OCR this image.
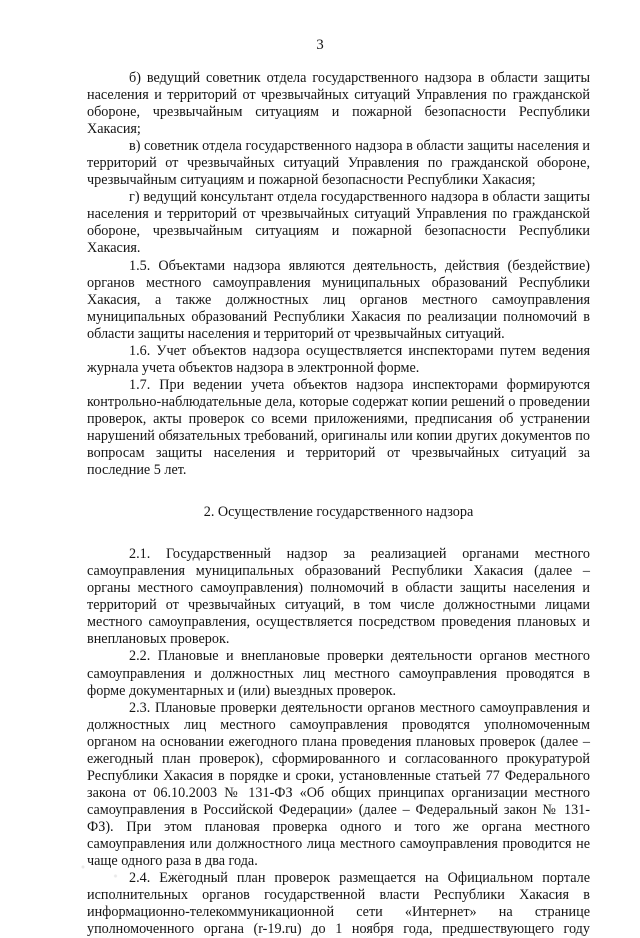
3

б) ведущий советник отдела государственного надзора в области защиты населения и территорий от чрезвычайных ситуаций Управления по гражданской обороне, чрезвычайным ситуациям и пожарной безопасности Республики Хакасия;

в) советник отдела государственного надзора в области защиты населения и территорий от чрезвычайных ситуаций Управления по гражданской обороне, чрезвычайным ситуациям и пожарной безопасности Республики Хакасия;

г) ведущий консультант отдела государственного надзора в области защиты населения и территорий от чрезвычайных ситуаций Управления по гражданской обороне, чрезвычайным ситуациям и пожарной безопасности Республики Хакасия.

1.5. Объектами надзора являются деятельность, действия (бездействие) органов местного самоуправления муниципальных образований Республики Хакасия, а также должностных лиц органов местного самоуправления муниципальных образований Республики Хакасия по реализации полномочий в области защиты населения и территорий от чрезвычайных ситуаций.

1.6. Учет объектов надзора осуществляется инспекторами путем ведения журнала учета объектов надзора в электронной форме.

1.7. При ведении учета объектов надзора инспекторами формируются контрольно-наблюдательные дела, которые содержат копии решений о проведении проверок, акты проверок со всеми приложениями, предписания об устранении нарушений обязательных требований, оригиналы или копии других документов по вопросам защиты населения и территорий от чрезвычайных ситуаций за последние 5 лет.

2. Осуществление государственного надзора

2.1. Государственный надзор за реализацией органами местного самоуправления муниципальных образований Республики Хакасия (далее – органы местного самоуправления) полномочий в области защиты населения и территорий от чрезвычайных ситуаций, в том числе должностными лицами местного самоуправления, осуществляется посредством проведения плановых и внеплановых проверок.

2.2. Плановые и внеплановые проверки деятельности органов местного самоуправления и должностных лиц местного самоуправления проводятся в форме документарных и (или) выездных проверок.

2.3. Плановые проверки деятельности органов местного самоуправления и должностных лиц местного самоуправления проводятся уполномоченным органом на основании ежегодного плана проведения плановых проверок (далее – ежегодный план проверок), сформированного и согласованного прокуратурой Республики Хакасия в порядке и сроки, установленные статьей 77 Федерального закона от 06.10.2003 № 131-ФЗ «Об общих принципах организации местного самоуправления в Российской Федерации» (далее – Федеральный закон № 131-ФЗ). При этом плановая проверка одного и того же органа местного самоуправления или должностного лица местного самоуправления проводится не чаще одного раза в два года.

2.4. Ежегодный план проверок размещается на Официальном портале исполнительных органов государственной власти Республики Хакасия в информационно-телекоммуникационной сети «Интернет» на странице уполномоченного органа (r-19.ru) до 1 ноября года, предшествующего году
